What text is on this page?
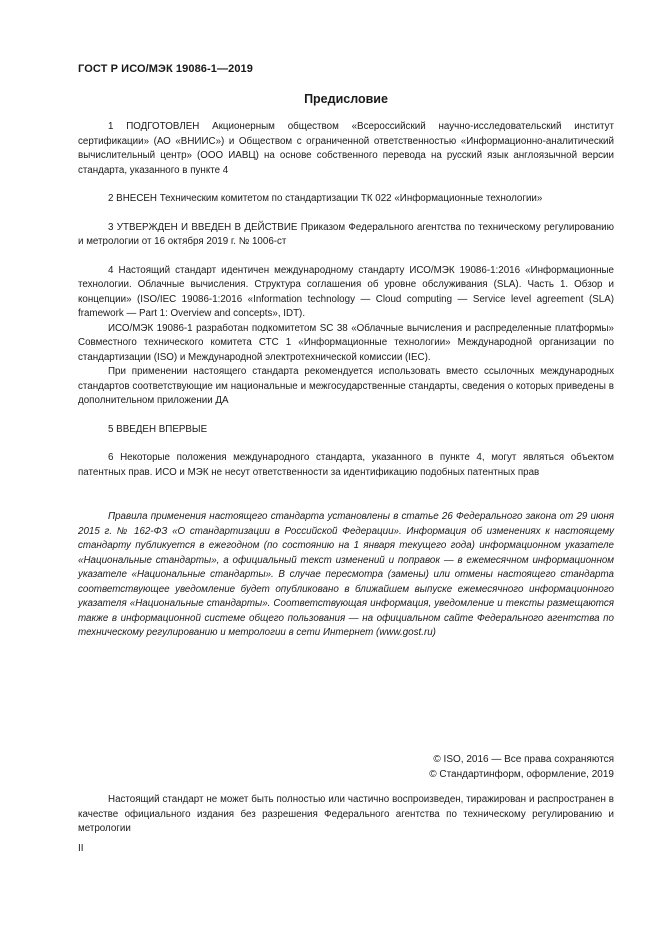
ГОСТ Р ИСО/МЭК 19086-1—2019
Предисловие

1 ПОДГОТОВЛЕН Акционерным обществом «Всероссийский научно-исследовательский институт сертификации» (АО «ВНИИС») и Обществом с ограниченной ответственностью «Информационно-аналитический вычислительный центр» (ООО ИАВЦ) на основе собственного перевода на русский язык англоязычной версии стандарта, указанного в пункте 4

2 ВНЕСЕН Техническим комитетом по стандартизации ТК 022 «Информационные технологии»

3 УТВЕРЖДЕН И ВВЕДЕН В ДЕЙСТВИЕ Приказом Федерального агентства по техническому регулированию и метрологии от 16 октября 2019 г. № 1006-ст

4 Настоящий стандарт идентичен международному стандарту ИСО/МЭК 19086-1:2016 «Информационные технологии. Облачные вычисления. Структура соглашения об уровне обслуживания (SLA). Часть 1. Обзор и концепции» (ISO/IEC 19086-1:2016 «Information technology — Cloud computing — Service level agreement (SLA) framework — Part 1: Overview and concepts», IDT).

ИСО/МЭК 19086-1 разработан подкомитетом SC 38 «Облачные вычисления и распределенные платформы» Совместного технического комитета СТС 1 «Информационные технологии» Международной организации по стандартизации (ISO) и Международной электротехнической комиссии (IEC).

При применении настоящего стандарта рекомендуется использовать вместо ссылочных международных стандартов соответствующие им национальные и межгосударственные стандарты, сведения о которых приведены в дополнительном приложении ДА

5 ВВЕДЕН ВПЕРВЫЕ

6 Некоторые положения международного стандарта, указанного в пункте 4, могут являться объектом патентных прав. ИСО и МЭК не несут ответственности за идентификацию подобных патентных прав

Правила применения настоящего стандарта установлены в статье 26 Федерального закона от 29 июня 2015 г. № 162-ФЗ «О стандартизации в Российской Федерации». Информация об изменениях к настоящему стандарту публикуется в ежегодном (по состоянию на 1 января текущего года) информационном указателе «Национальные стандарты», а официальный текст изменений и поправок — в ежемесячном информационном указателе «Национальные стандарты». В случае пересмотра (замены) или отмены настоящего стандарта соответствующее уведомление будет опубликовано в ближайшем выпуске ежемесячного информационного указателя «Национальные стандарты». Соответствующая информация, уведомление и тексты размещаются также в информационной системе общего пользования — на официальном сайте Федерального агентства по техническому регулированию и метрологии в сети Интернет (www.gost.ru)

© ISO, 2016 — Все права сохраняются
© Стандартинформ, оформление, 2019

Настоящий стандарт не может быть полностью или частично воспроизведен, тиражирован и распространен в качестве официального издания без разрешения Федерального агентства по техническому регулированию и метрологии

II
